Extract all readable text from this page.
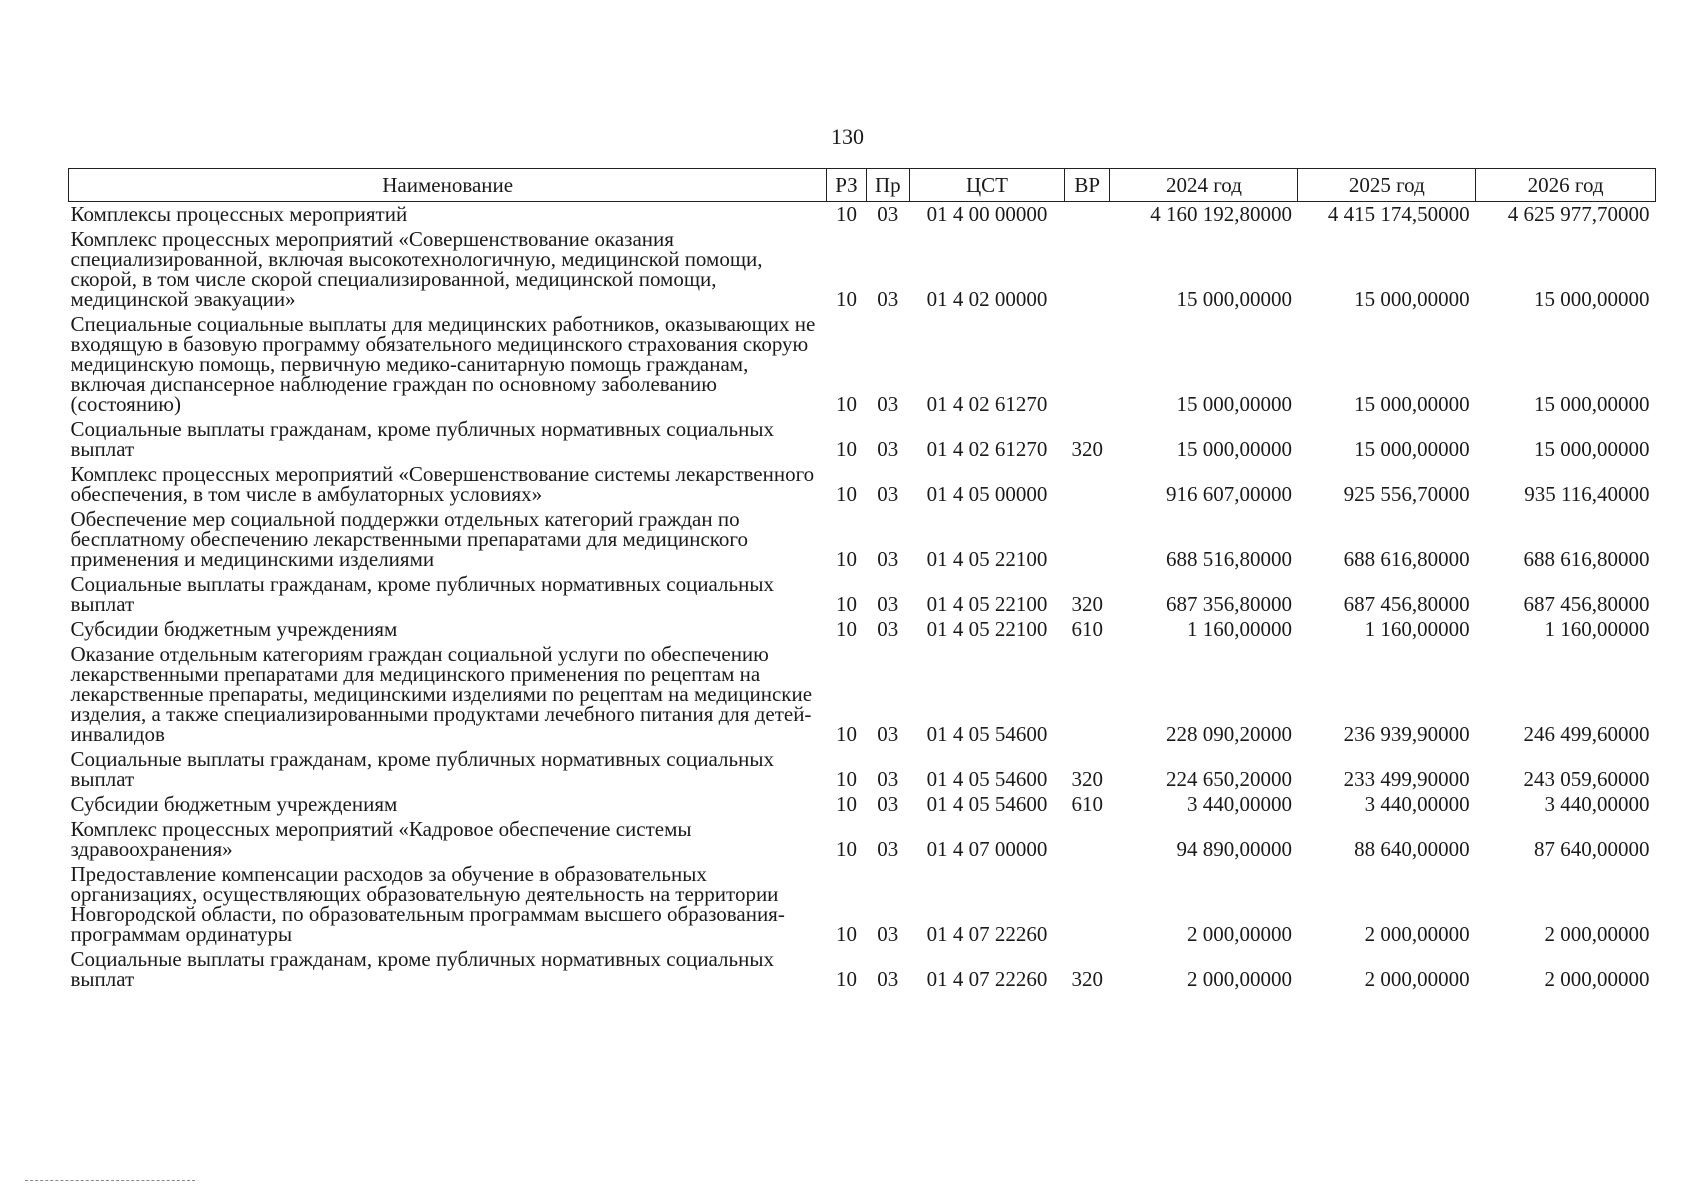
130
Наименование	РЗ	Пр	ЦСТ	ВР	2024 год	2025 год	2026 год
Комплексы процессных мероприятий	10	03	01 4 00 00000		4 160 192,80000	4 415 174,50000	4 625 977,70000
Комплекс процессных мероприятий «Совершенствование оказания специализированной, включая высокотехнологичную, медицинской помощи, скорой, в том числе скорой специализированной, медицинской помощи, медицинской эвакуации»	10	03	01 4 02 00000		15 000,00000	15 000,00000	15 000,00000
Специальные социальные выплаты для медицинских работников, оказывающих не входящую в базовую программу обязательного медицинского страхования скорую медицинскую помощь, первичную медико-санитарную помощь гражданам, включая диспансерное наблюдение граждан по основному заболеванию (состоянию)	10	03	01 4 02 61270		15 000,00000	15 000,00000	15 000,00000
Социальные выплаты гражданам, кроме публичных нормативных социальных выплат	10	03	01 4 02 61270	320	15 000,00000	15 000,00000	15 000,00000
Комплекс процессных мероприятий «Совершенствование системы лекарственного обеспечения, в том числе в амбулаторных условиях»	10	03	01 4 05 00000		916 607,00000	925 556,70000	935 116,40000
Обеспечение мер социальной поддержки отдельных категорий граждан по бесплатному обеспечению лекарственными препаратами для медицинского применения и медицинскими изделиями	10	03	01 4 05 22100		688 516,80000	688 616,80000	688 616,80000
Социальные выплаты гражданам, кроме публичных нормативных социальных выплат	10	03	01 4 05 22100	320	687 356,80000	687 456,80000	687 456,80000
Субсидии бюджетным учреждениям	10	03	01 4 05 22100	610	1 160,00000	1 160,00000	1 160,00000
Оказание отдельным категориям граждан социальной услуги по обеспечению лекарственными препаратами для медицинского применения по рецептам на лекарственные препараты, медицинскими изделиями по рецептам на медицинские изделия, а также специализированными продуктами лечебного питания для детей-инвалидов	10	03	01 4 05 54600		228 090,20000	236 939,90000	246 499,60000
Социальные выплаты гражданам, кроме публичных нормативных социальных выплат	10	03	01 4 05 54600	320	224 650,20000	233 499,90000	243 059,60000
Субсидии бюджетным учреждениям	10	03	01 4 05 54600	610	3 440,00000	3 440,00000	3 440,00000
Комплекс процессных мероприятий «Кадровое обеспечение системы здравоохранения»	10	03	01 4 07 00000		94 890,00000	88 640,00000	87 640,00000
Предоставление компенсации расходов за обучение в образовательных организациях, осуществляющих образовательную деятельность на территории Новгородской области, по образовательным программам высшего образования-программам ординатуры	10	03	01 4 07 22260		2 000,00000	2 000,00000	2 000,00000
Социальные выплаты гражданам, кроме публичных нормативных социальных выплат	10	03	01 4 07 22260	320	2 000,00000	2 000,00000	2 000,00000
